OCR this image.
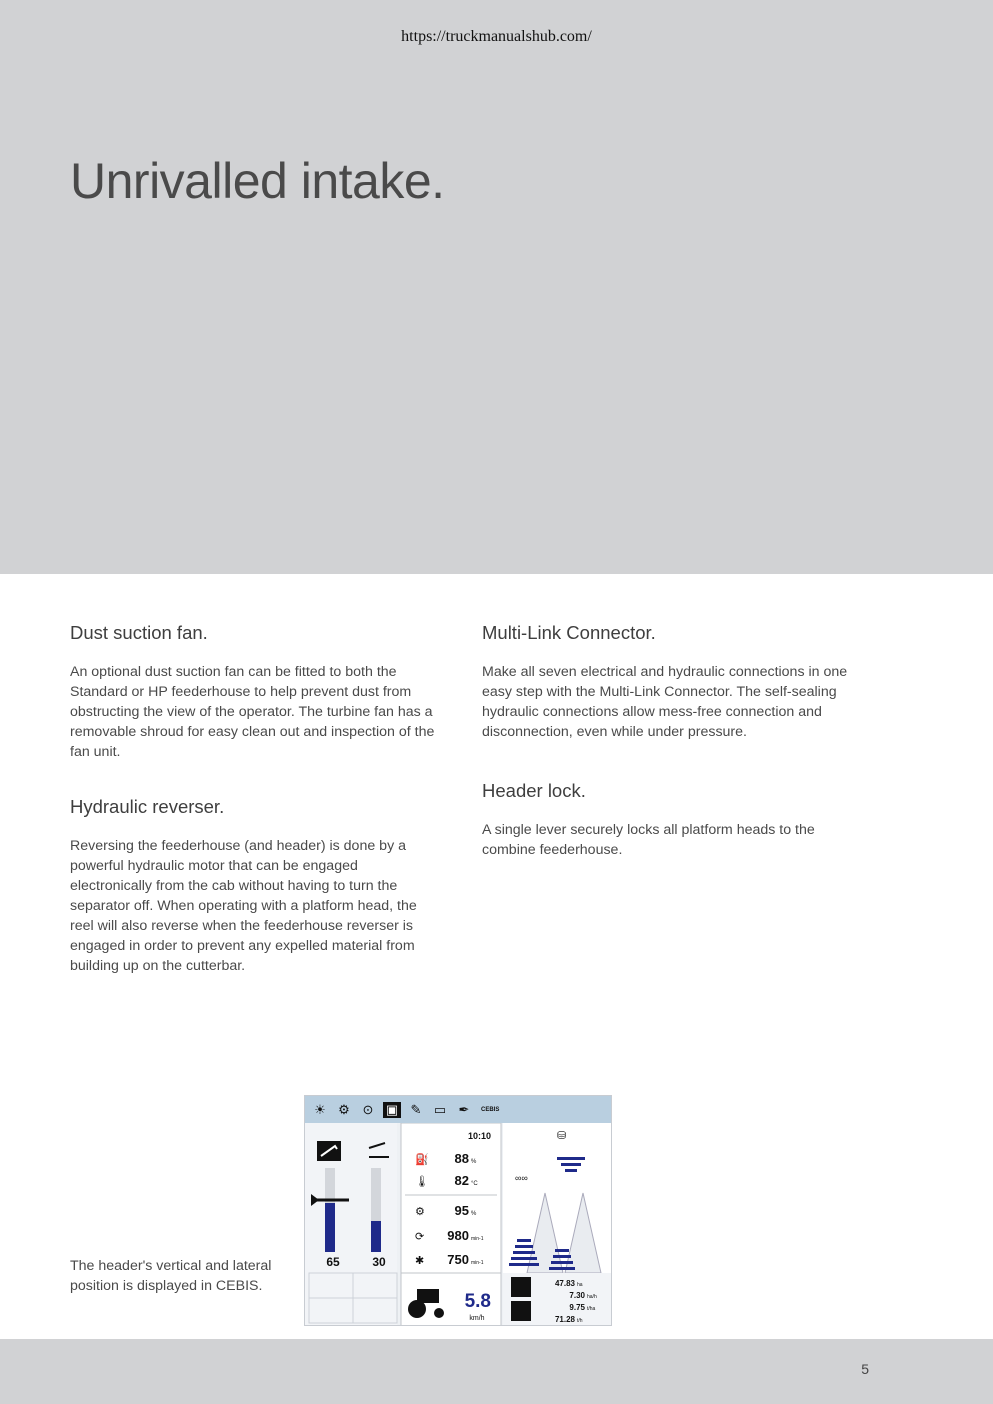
https://truckmanualshub.com/
Unrivalled intake.
Dust suction fan.

An optional dust suction fan can be fitted to both the Standard or HP feederhouse to help prevent dust from obstructing the view of the operator. The turbine fan has a removable shroud for easy clean out and inspection of the fan unit.

Hydraulic reverser.

Reversing the feederhouse (and header) is done by a powerful hydraulic motor that can be engaged electronically from the cab without having to turn the separator off. When operating with a platform head, the reel will also reverse when the feederhouse reverser is engaged in order to prevent any expelled material from building up on the cutterbar.

Multi-Link Connector.

Make all seven electrical and hydraulic connections in one easy step with the Multi-Link Connector. The self-sealing hydraulic connections allow mess-free connection and disconnection, even while under pressure.

Header lock.

A single lever securely locks all platform heads to the combine feederhouse.

The header's vertical and lateral position is displayed in CEBIS.
☀ ⚙ ⊙ ▣ ✎ ▭ ✒	CEBIS
65	30
10:10
⛽ 88 %
🌡 82 °C
⚙ 95 %
⟳ 980 min-1
✱ 750 min-1
5.8
km/h
∞∞
⛁
47.83 ha
7.30 ha/h
9.75 t/ha
71.28 t/h
5
